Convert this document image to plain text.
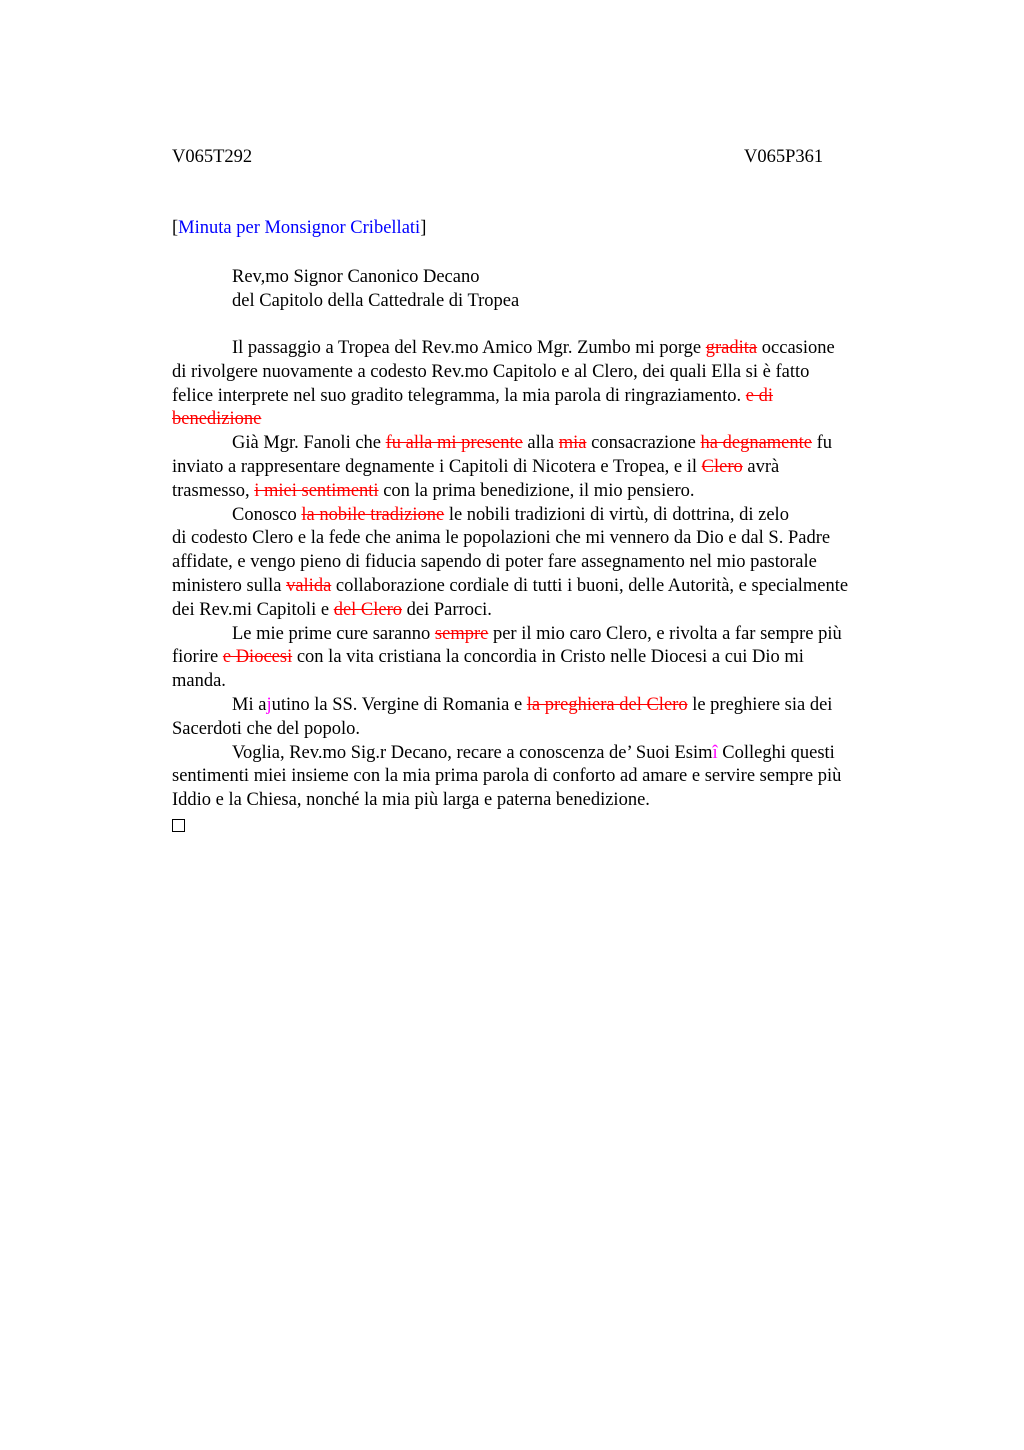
V065T292	V065P361
[Minuta per Monsignor Cribellati]
Rev,mo Signor Canonico Decano
del Capitolo della Cattedrale di Tropea
Il passaggio a Tropea del Rev.mo Amico Mgr. Zumbo mi porge gradita occasione
di rivolgere nuovamente a codesto Rev.mo Capitolo e al Clero, dei quali Ella si è fatto
felice interprete nel suo gradito telegramma, la mia parola di ringraziamento. e di
benedizione
Già Mgr. Fanoli che fu alla mi presente alla mia consacrazione ha degnamente fu
inviato a rappresentare degnamente i Capitoli di Nicotera e Tropea, e il Clero avrà
trasmesso, i miei sentimenti con la prima benedizione, il mio pensiero.
Conosco la nobile tradizione le nobili tradizioni di virtù, di dottrina, di zelo
di codesto Clero e la fede che anima le popolazioni che mi vennero da Dio e dal S. Padre
affidate, e vengo pieno di fiducia sapendo di poter fare assegnamento nel mio pastorale
ministero sulla valida collaborazione cordiale di tutti i buoni, delle Autorità, e specialmente
dei Rev.mi Capitoli e del Clero dei Parroci.
Le mie prime cure saranno sempre per il mio caro Clero, e rivolta a far sempre più
fiorire e Diocesi con la vita cristiana la concordia in Cristo nelle Diocesi a cui Dio mi
manda.
Mi ajutino la SS. Vergine di Romania e la preghiera del Clero le preghiere sia dei
Sacerdoti che del popolo.
Voglia, Rev.mo Sig.r Decano, recare a conoscenza de’ Suoi Esimî Colleghi questi
sentimenti miei insieme con la mia prima parola di conforto ad amare e servire sempre più
Iddio e la Chiesa, nonché la mia più larga e paterna benedizione.
